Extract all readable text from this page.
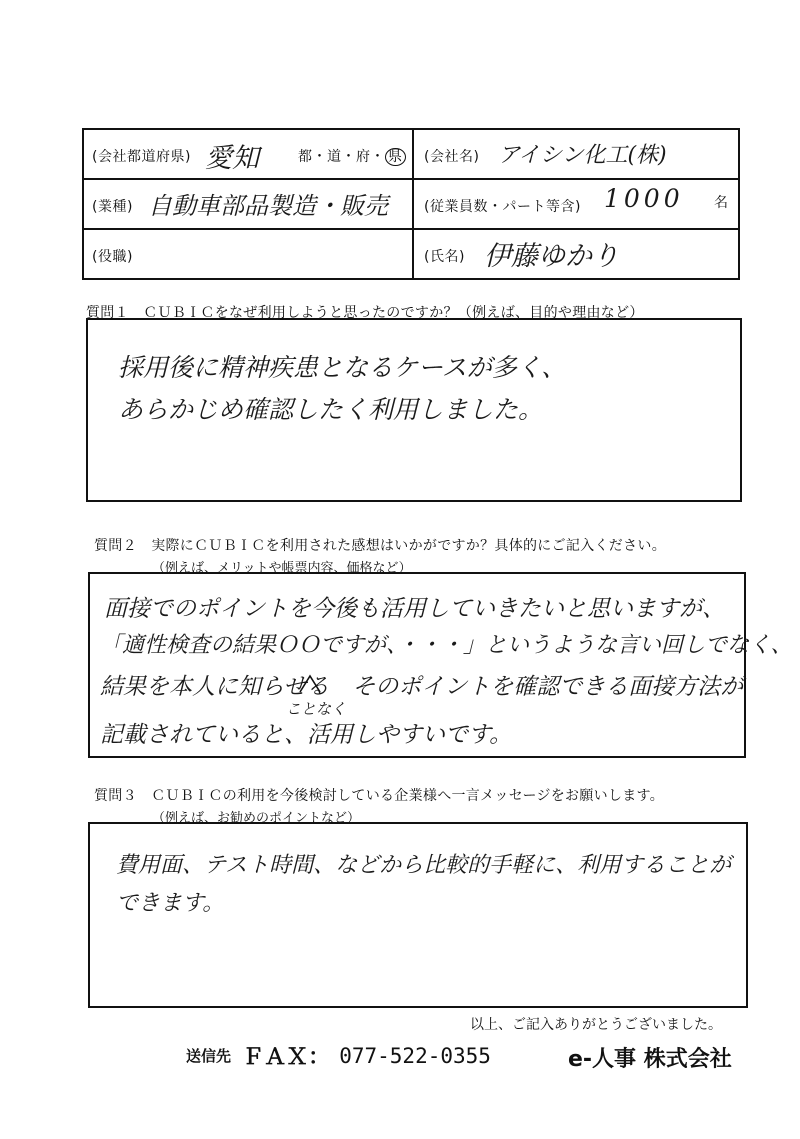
(会社都道府県) 愛知	都・道・府・ 県 (会社名) アイシン化工(株)
(業種) 自動車部品製造・販売	(従業員数・パート等含) 1000 名
(役職)	(氏名) 伊藤ゆかり
質問１　ＣＵＢＩＣをなぜ利用しようと思ったのですか？（例えば、目的や理由など）
採用後に精神疾患となるケースが多く、
あらかじめ確認したく利用しました。
質問２　実際にＣＵＢＩＣを利用された感想はいかがですか？具体的にご記入ください。
（例えば、メリットや帳票内容、価格など）
面接でのポイントを今後も活用していきたいと思いますが、
「適性検査の結果ＯＯですが、・・・」というような言い回しでなく、
結果を本人に知らせる　そのポイントを確認できる面接方法が
ことなく
記載されていると、活用しやすいです。
質問３　ＣＵＢＩＣの利用を今後検討している企業様へ一言メッセージをお願いします。
（例えば、お勧めのポイントなど）
費用面、テスト時間、などから比較的手軽に、利用することが
できます。
以上、ご記入ありがとうございました。
送信先 ＦＡＸ： 077-522-0355	e-人事 株式会社
